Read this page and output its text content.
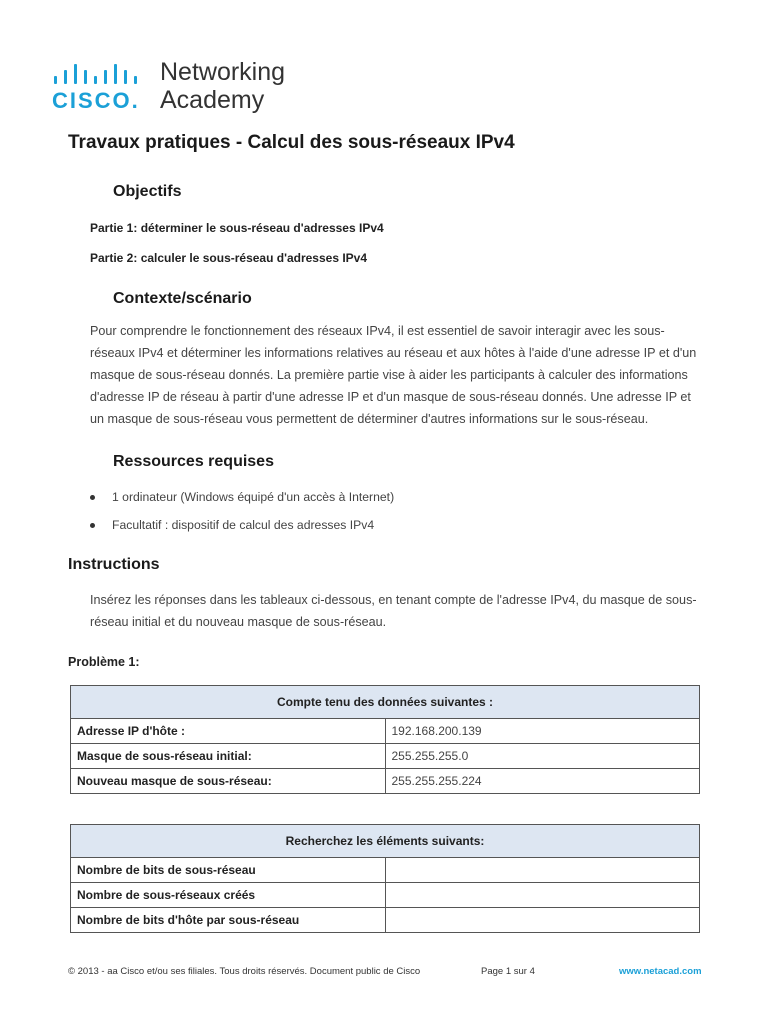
CISCO.
Networking
Academy
Travaux pratiques - Calcul des sous-réseaux IPv4
Objectifs
Partie 1: déterminer le sous-réseau d'adresses IPv4
Partie 2: calculer le sous-réseau d'adresses IPv4
Contexte/scénario
Pour comprendre le fonctionnement des réseaux IPv4, il est essentiel de savoir interagir avec les sous-
réseaux IPv4 et déterminer les informations relatives au réseau et aux hôtes à l'aide d'une adresse IP et d'un
masque de sous-réseau donnés. La première partie vise à aider les participants à calculer des informations
d'adresse IP de réseau à partir d'une adresse IP et d'un masque de sous-réseau donnés. Une adresse IP et
un masque de sous-réseau vous permettent de déterminer d'autres informations sur le sous-réseau.
Ressources requises
1 ordinateur (Windows équipé d'un accès à Internet)
Facultatif : dispositif de calcul des adresses IPv4
Instructions
Insérez les réponses dans les tableaux ci-dessous, en tenant compte de l'adresse IPv4, du masque de sous-
réseau initial et du nouveau masque de sous-réseau.
Problème 1:
Compte tenu des données suivantes :	
Adresse IP d'hôte :	192.168.200.139
Masque de sous-réseau initial:	255.255.255.0
Nouveau masque de sous-réseau:	255.255.255.224
Recherchez les éléments suivants:	
Nombre de bits de sous-réseau	
Nombre de sous-réseaux créés	
Nombre de bits d'hôte par sous-réseau	
© 2013 - aa Cisco et/ou ses filiales. Tous droits réservés. Document public de Cisco	Page 1 sur 4	www.netacad.com
